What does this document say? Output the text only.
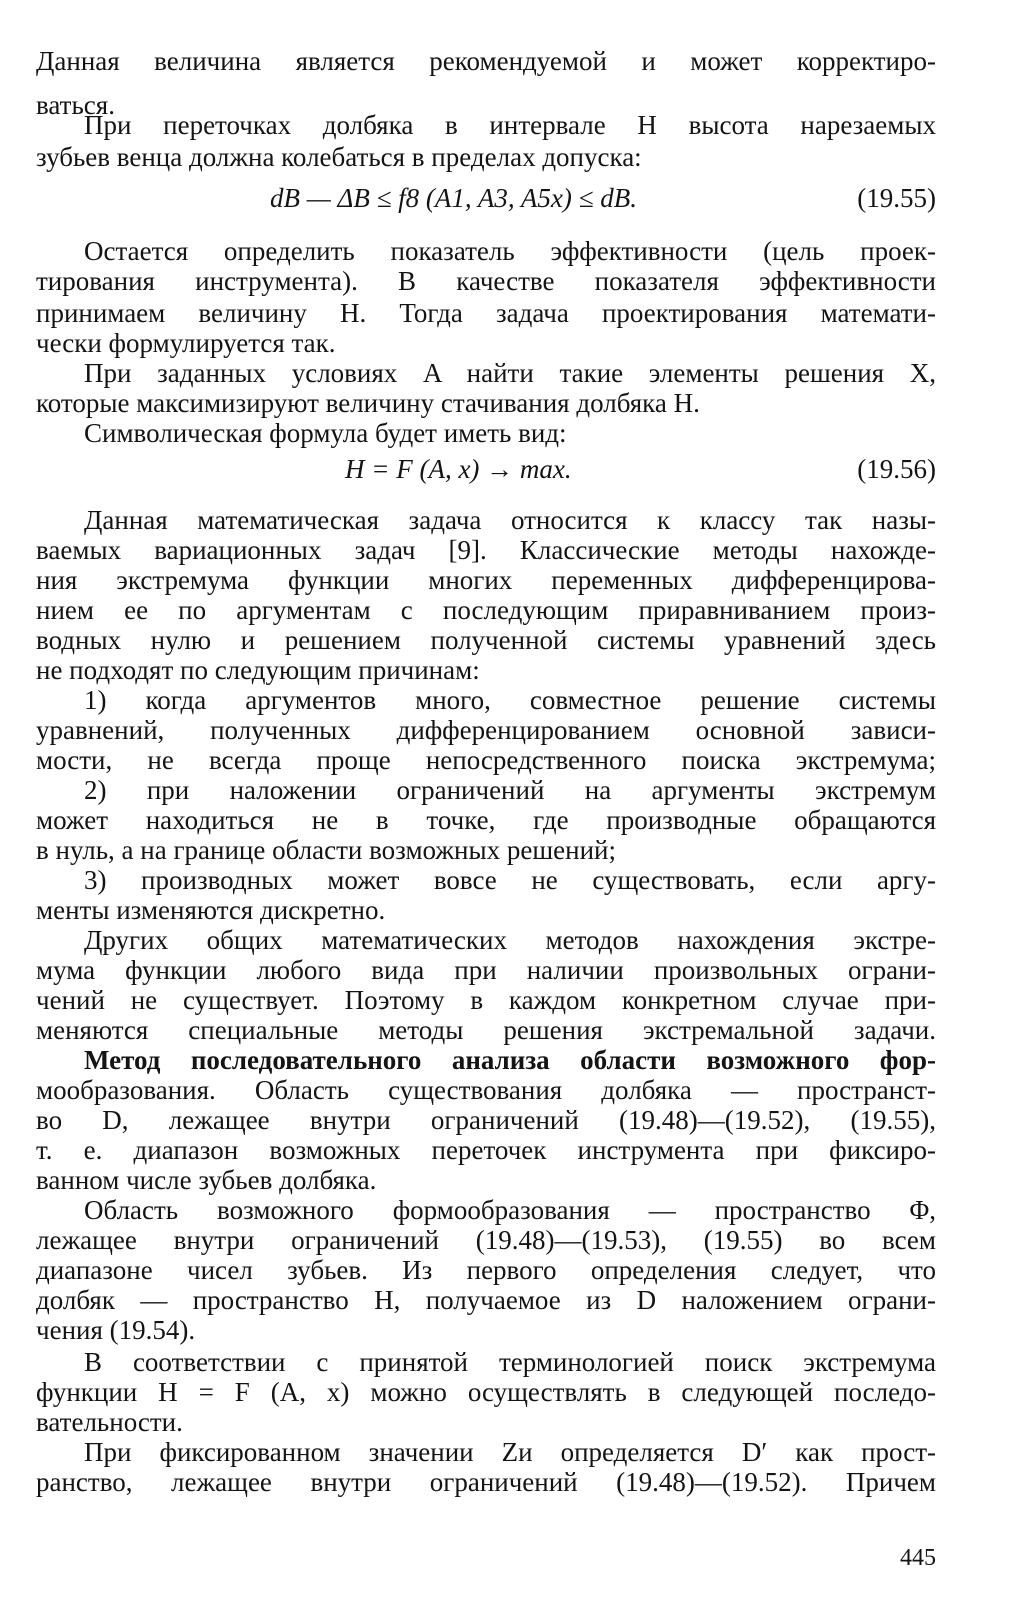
Данная величина является рекомендуемой и может корректиро-
ваться.
При переточках долбяка в интервале H высота нарезаемых
зубьев венца должна колебаться в пределах допуска:
dB — ΔB ≤ f8 (A1, A3, A5x) ≤ dB.	(19.55)
Остается определить показатель эффективности (цель проек-
тирования инструмента). В качестве показателя эффективности
принимаем величину H. Тогда задача проектирования математи-
чески формулируется так.
При заданных условиях A найти такие элементы решения X,
которые максимизируют величину стачивания долбяка H.
Символическая формула будет иметь вид:
H = F (A, x) → max.	(19.56)
Данная математическая задача относится к классу так назы-
ваемых вариационных задач [9]. Классические методы нахожде-
ния экстремума функции многих переменных дифференцирова-
нием ее по аргументам с последующим приравниванием произ-
водных нулю и решением полученной системы уравнений здесь
не подходят по следующим причинам:
1) когда аргументов много, совместное решение системы
уравнений, полученных дифференцированием основной зависи-
мости, не всегда проще непосредственного поиска экстремума;
2) при наложении ограничений на аргументы экстремум
может находиться не в точке, где производные обращаются
в нуль, а на границе области возможных решений;
3) производных может вовсе не существовать, если аргу-
менты изменяются дискретно.
Других общих математических методов нахождения экстре-
мума функции любого вида при наличии произвольных ограни-
чений не существует. Поэтому в каждом конкретном случае при-
меняются специальные методы решения экстремальной задачи.
Метод последовательного анализа области возможного фор-
мообразования. Область существования долбяка — пространст-
во D, лежащее внутри ограничений (19.48)—(19.52), (19.55),
т. е. диапазон возможных переточек инструмента при фиксиро-
ванном числе зубьев долбяка.
Область возможного формообразования — пространство Φ,
лежащее внутри ограничений (19.48)—(19.53), (19.55) во всем
диапазоне чисел зубьев. Из первого определения следует, что
долбяк — пространство H, получаемое из D наложением ограни-
чения (19.54).
В соответствии с принятой терминологией поиск экстремума
функции H = F (A, x) можно осуществлять в следующей последо-
вательности.
При фиксированном значении Zи определяется D′ как прост-
ранство, лежащее внутри ограничений (19.48)—(19.52). Причем
445
